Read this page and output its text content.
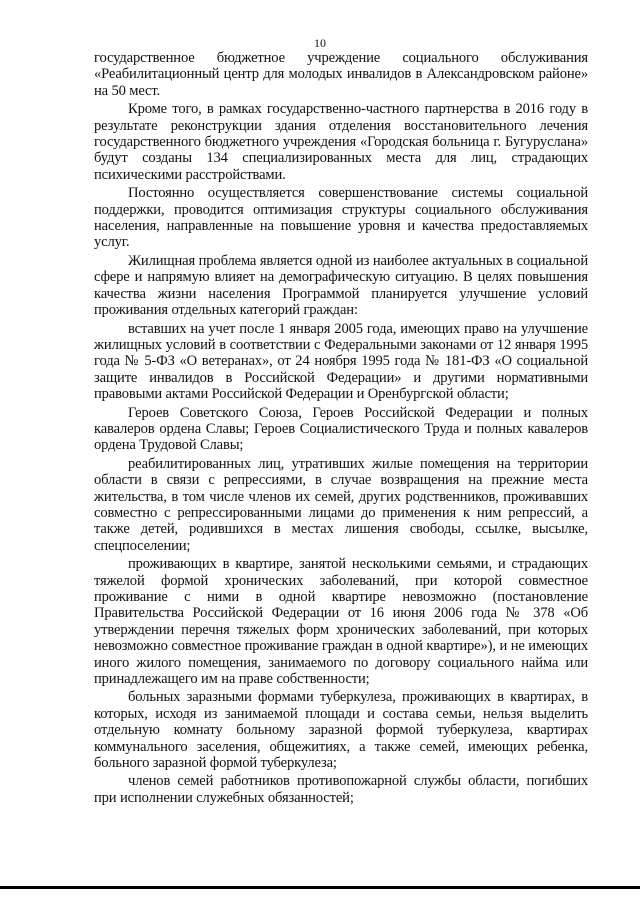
10

государственное бюджетное учреждение социального обслуживания «Реабилитационный центр для молодых инвалидов в Александровском районе» на 50 мест.

Кроме того, в рамках государственно-частного партнерства в 2016 году в результате реконструкции здания отделения восстановительного лечения государственного бюджетного учреждения «Городская больница г. Бугуруслана» будут созданы 134 специализированных места для лиц, страдающих психическими расстройствами.

Постоянно осуществляется совершенствование системы социальной поддержки, проводится оптимизация структуры социального обслуживания населения, направленные на повышение уровня и качества предоставляемых услуг.

Жилищная проблема является одной из наиболее актуальных в социальной сфере и напрямую влияет на демографическую ситуацию. В целях повышения качества жизни населения Программой планируется улучшение условий проживания отдельных категорий граждан:

вставших на учет после 1 января 2005 года, имеющих право на улучшение жилищных условий в соответствии с Федеральными законами от 12 января 1995 года № 5-ФЗ «О ветеранах», от 24 ноября 1995 года № 181-ФЗ «О социальной защите инвалидов в Российской Федерации» и другими нормативными правовыми актами Российской Федерации и Оренбургской области;

Героев Советского Союза, Героев Российской Федерации и полных кавалеров ордена Славы; Героев Социалистического Труда и полных кавалеров ордена Трудовой Славы;

реабилитированных лиц, утративших жилые помещения на территории области в связи с репрессиями, в случае возвращения на прежние места жительства, в том числе членов их семей, других родственников, проживавших совместно с репрессированными лицами до применения к ним репрессий, а также детей, родившихся в местах лишения свободы, ссылке, высылке, спецпоселении;

проживающих в квартире, занятой несколькими семьями, и страдающих тяжелой формой хронических заболеваний, при которой совместное проживание с ними в одной квартире невозможно (постановление Правительства Российской Федерации от 16 июня 2006 года № 378 «Об утверждении перечня тяжелых форм хронических заболеваний, при которых невозможно совместное проживание граждан в одной квартире»), и не имеющих иного жилого помещения, занимаемого по договору социального найма или принадлежащего им на праве собственности;

больных заразными формами туберкулеза, проживающих в квартирах, в которых, исходя из занимаемой площади и состава семьи, нельзя выделить отдельную комнату больному заразной формой туберкулеза, квартирах коммунального заселения, общежитиях, а также семей, имеющих ребенка, больного заразной формой туберкулеза;

членов семей работников противопожарной службы области, погибших при исполнении служебных обязанностей;
